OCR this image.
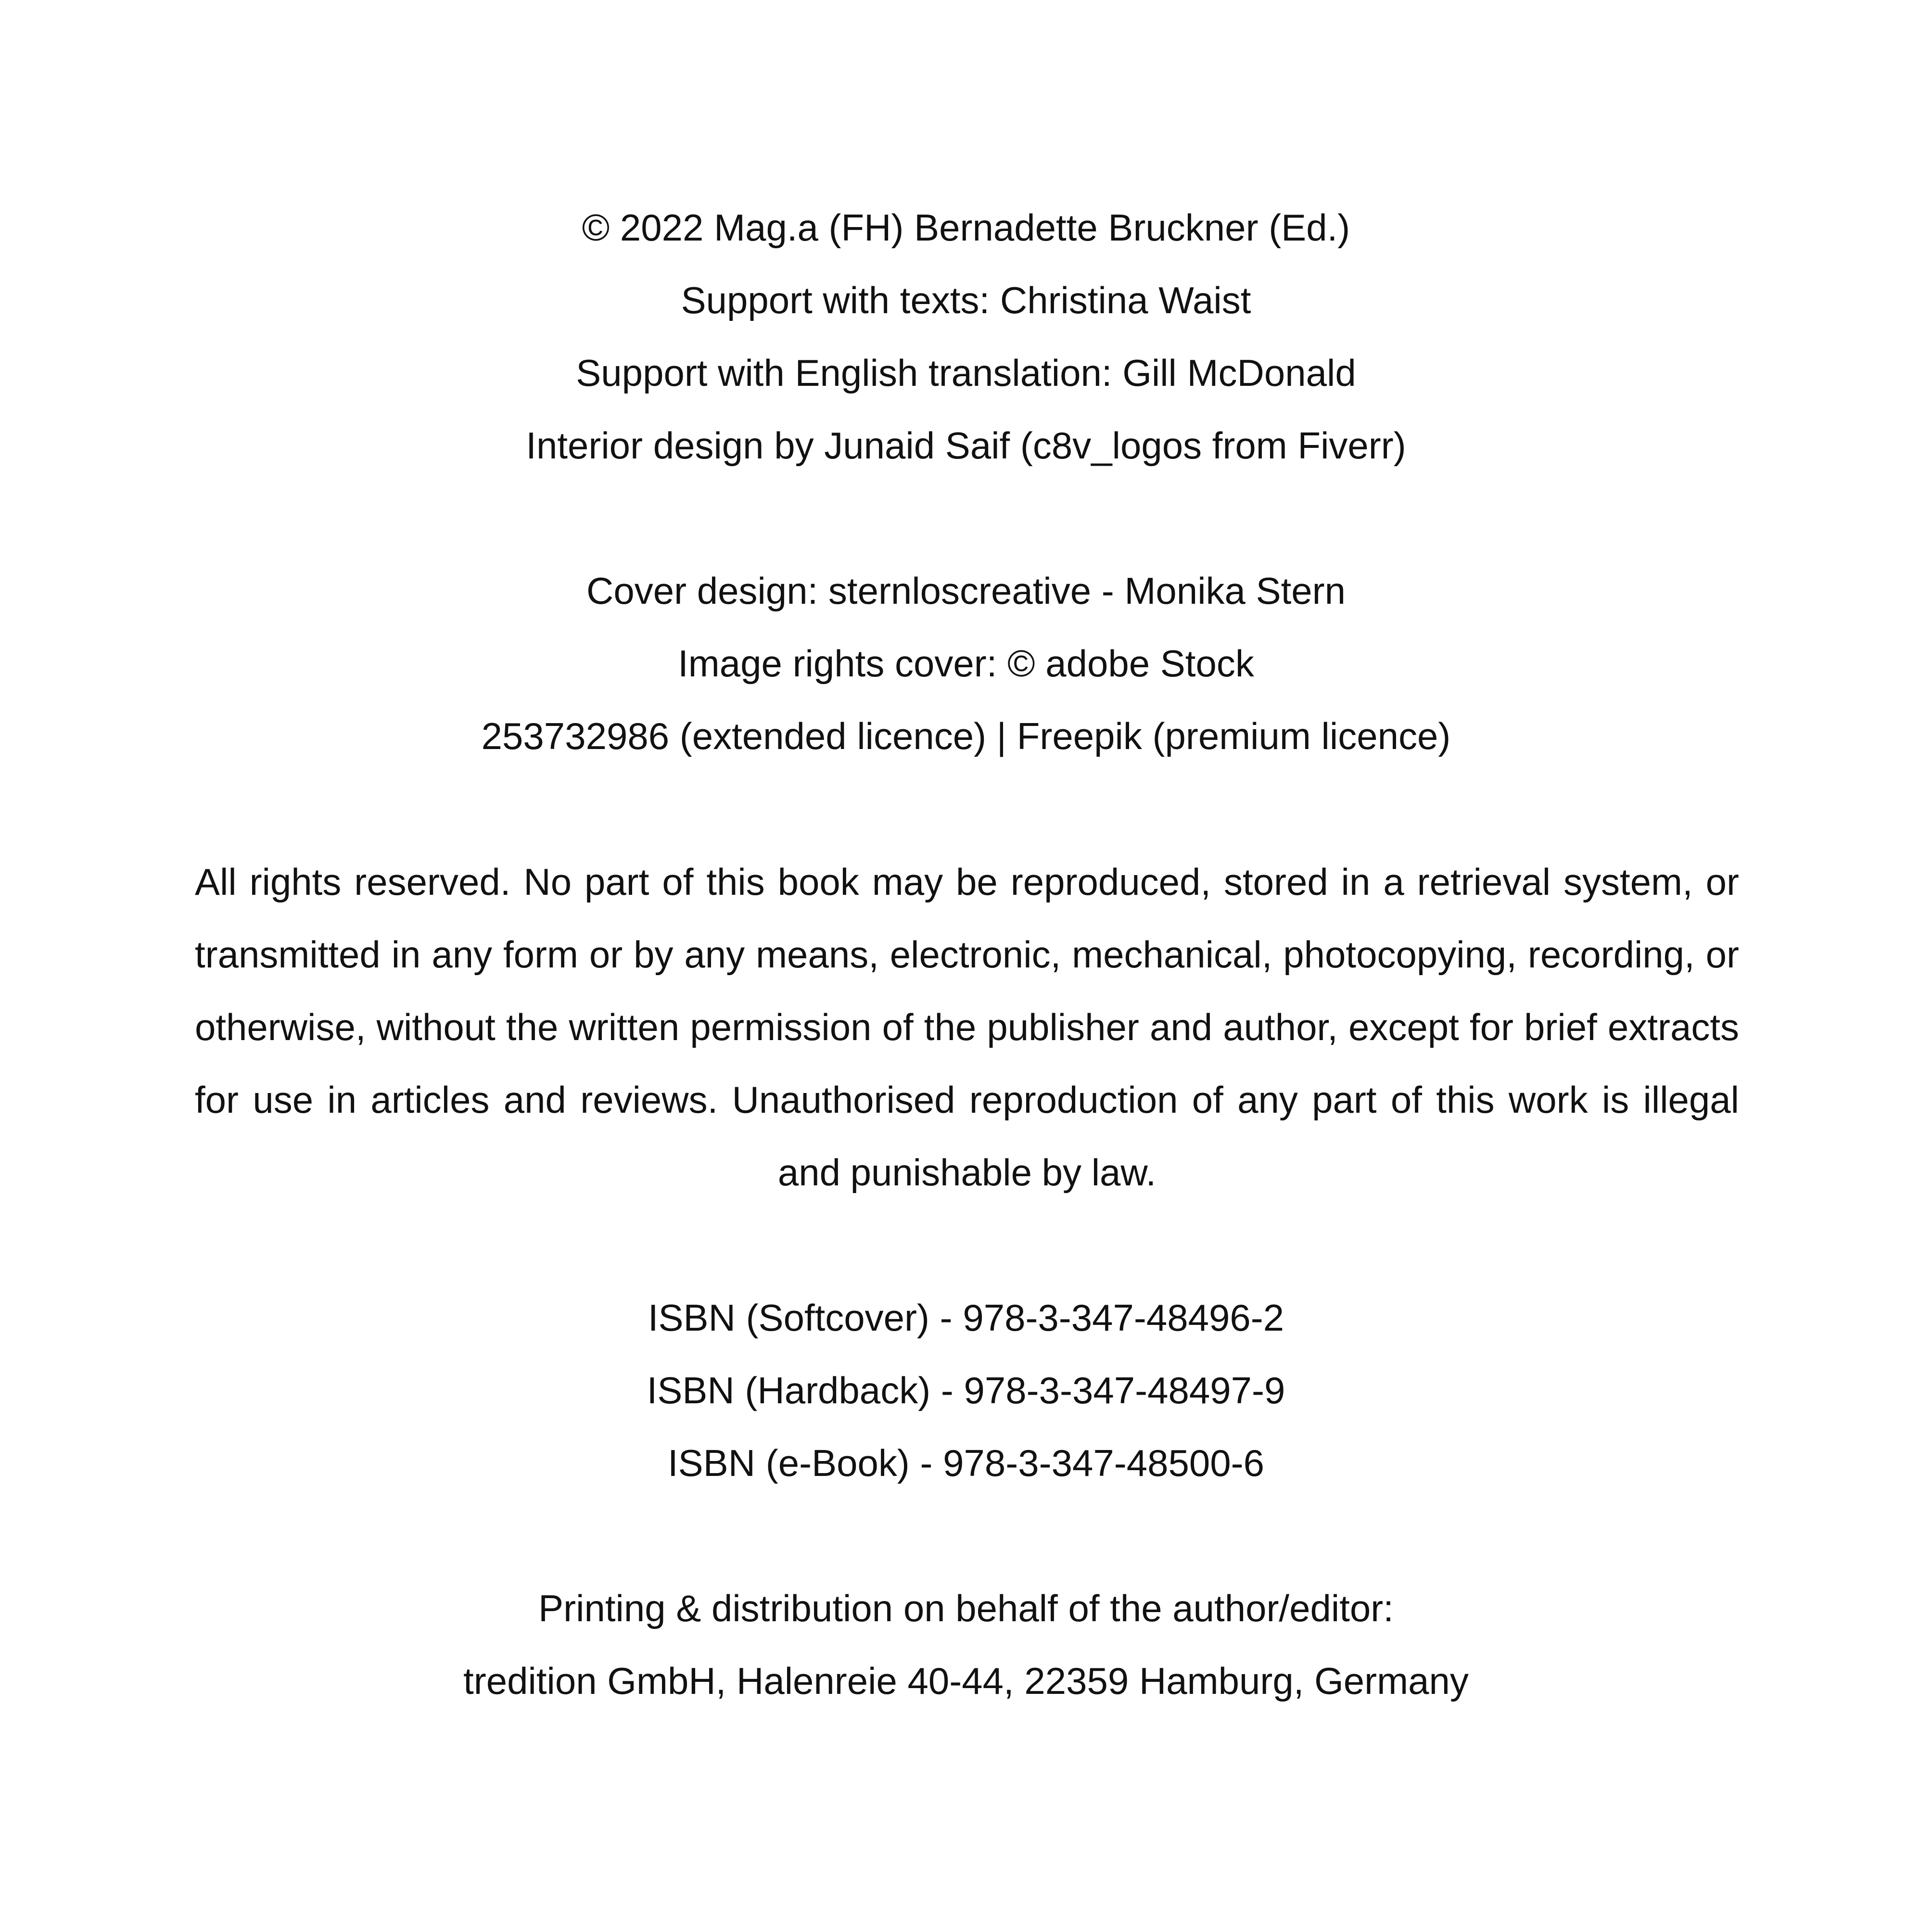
© 2022 Mag.a (FH) Bernadette Bruckner (Ed.)
Support with texts: Christina Waist
Support with English translation: Gill McDonald
Interior design by Junaid Saif (c8v_logos from Fiverr)
Cover design: sternloscreative - Monika Stern
Image rights cover: © adobe Stock
253732986 (extended licence) | Freepik (premium licence)
All rights reserved. No part of this book may be reproduced, stored in a retrieval system, or transmitted in any form or by any means, electronic, mechanical, photocopying, recording, or otherwise, without the written permission of the publisher and author, except for brief extracts for use in articles and reviews. Unauthorised reproduction of any part of this work is illegal and punishable by law.
ISBN (Softcover) - 978-3-347-48496-2
ISBN (Hardback) - 978-3-347-48497-9
ISBN (e-Book) - 978-3-347-48500-6
Printing & distribution on behalf of the author/editor:
tredition GmbH, Halenreie 40-44, 22359 Hamburg, Germany
